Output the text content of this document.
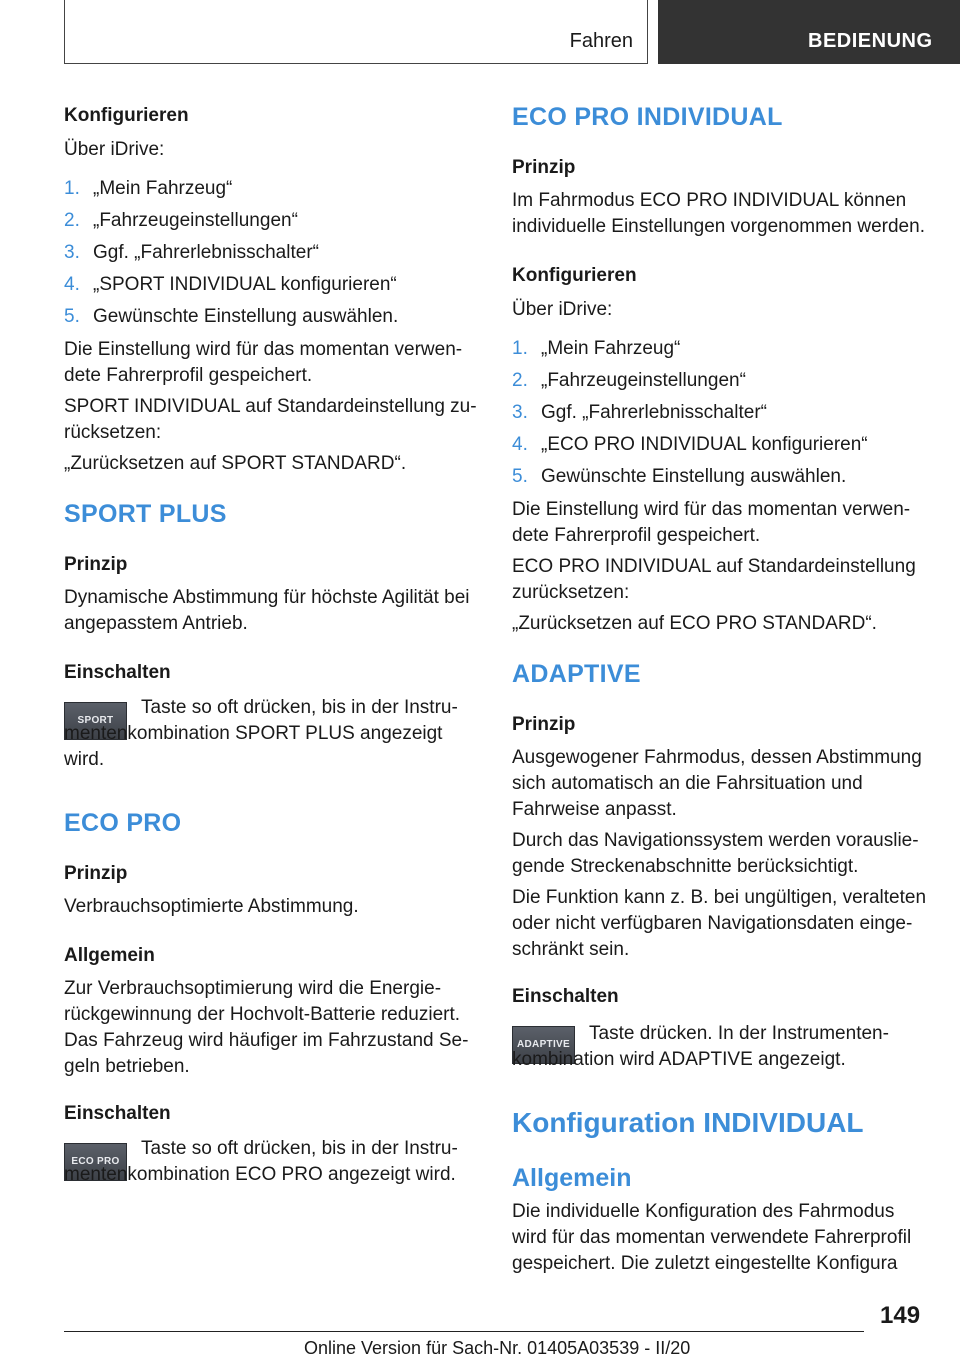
Fahren	BEDIENUNG
Konfigurieren
Über iDrive:
1. „Mein Fahrzeug“
2. „Fahrzeugeinstellungen“
3. Ggf. „Fahrerlebnisschalter“
4. „SPORT INDIVIDUAL konfigurieren“
5. Gewünschte Einstellung auswählen.
Die Einstellung wird für das momentan verwendete Fahrerprofil gespeichert.
SPORT INDIVIDUAL auf Standardeinstellung zurücksetzen:
„Zurücksetzen auf SPORT STANDARD“.
SPORT PLUS
Prinzip
Dynamische Abstimmung für höchste Agilität bei angepasstem Antrieb.
Einschalten
SPORT
Taste so oft drücken, bis in der Instrumentenkombination SPORT PLUS angezeigt wird.
ECO PRO
Prinzip
Verbrauchsoptimierte Abstimmung.
Allgemein
Zur Verbrauchsoptimierung wird die Energierückgewinnung der Hochvolt-Batterie reduziert. Das Fahrzeug wird häufiger im Fahrzustand Segeln betrieben.
Einschalten
ECO PRO
Taste so oft drücken, bis in der Instrumentenkombination ECO PRO angezeigt wird.
ECO PRO INDIVIDUAL
Prinzip
Im Fahrmodus ECO PRO INDIVIDUAL können individuelle Einstellungen vorgenommen werden.
Konfigurieren
Über iDrive:
1. „Mein Fahrzeug“
2. „Fahrzeugeinstellungen“
3. Ggf. „Fahrerlebnisschalter“
4. „ECO PRO INDIVIDUAL konfigurieren“
5. Gewünschte Einstellung auswählen.
Die Einstellung wird für das momentan verwendete Fahrerprofil gespeichert.
ECO PRO INDIVIDUAL auf Standardeinstellung zurücksetzen:
„Zurücksetzen auf ECO PRO STANDARD“.
ADAPTIVE
Prinzip
Ausgewogener Fahrmodus, dessen Abstimmung sich automatisch an die Fahrsituation und Fahrweise anpasst.
Durch das Navigationssystem werden vorausliegende Streckenabschnitte berücksichtigt.
Die Funktion kann z. B. bei ungültigen, veralteten oder nicht verfügbaren Navigationsdaten eingeschränkt sein.
Einschalten
ADAPTIVE
Taste drücken. In der Instrumentenkombination wird ADAPTIVE angezeigt.
Konfiguration INDIVIDUAL
Allgemein
Die individuelle Konfiguration des Fahrmodus wird für das momentan verwendete Fahrerprofil gespeichert. Die zuletzt eingestellte Konfigura
149
Online Version für Sach-Nr. 01405A03539 - II/20
